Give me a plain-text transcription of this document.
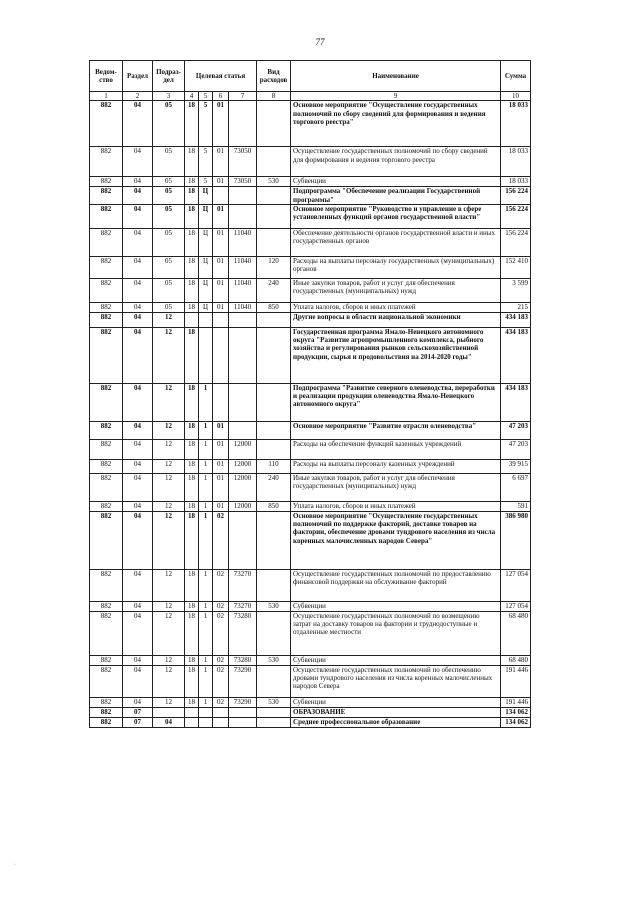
77
Ведом-ство	Раздел	Подраз-дел	Целевая статья				Вид расходов	Наименование	Сумма
1	2	3	4	5	6	7	8	9	10
882	04	05	18	5	01			Основное мероприятие "Осуществление государственных полномочий по сбору сведений для формирования и ведения торгового реестра"	18 033
882	04	05	18	5	01	73050		Осуществление государственных полномочий по сбору сведений для формирования и ведения торгового реестра	18 033
882	04	05	18	5	01	73050	530	Субвенции	18 033
882	04	05	18	Ц				Подпрограмма "Обеспечение реализации Государственной программы"	156 224
882	04	05	18	Ц	01			Основное мероприятие "Руководство и управление в сфере установленных функций органов государственной власти"	156 224
882	04	05	18	Ц	01	11040		Обеспечение деятельности органов государственной власти и иных государственных органов	156 224
882	04	05	18	Ц	01	11040	120	Расходы на выплаты персоналу государственных (муниципальных) органов	152 410
882	04	05	18	Ц	01	11040	240	Иные закупки товаров, работ и услуг для обеспечения государственных (муниципальных) нужд	3 599
882	04	05	18	Ц	01	11040	850	Уплата налогов, сборов и иных платежей	215
882	04	12						Другие вопросы в области национальной экономики	434 183
882	04	12	18					Государственная программа Ямало-Ненецкого автономного округа "Развитие агропромышленного комплекса, рыбного хозяйства и регулирования рынков сельскохозяйственной продукции, сырья и продовольствия на 2014-2020 годы"	434 183
882	04	12	18	1				Подпрограмма "Развитие северного оленеводства, переработки и реализации продукции оленеводства Ямало-Ненецкого автономного округа"	434 183
882	04	12	18	1	01			Основное мероприятие "Развитие отрасли оленеводства"	47 203
882	04	12	18	1	01	12000		Расходы на обеспечение функций казенных учреждений	47 203
882	04	12	18	1	01	12000	110	Расходы на выплаты персоналу казенных учреждений	39 915
882	04	12	18	1	01	12000	240	Иные закупки товаров, работ и услуг для обеспечения государственных (муниципальных) нужд	6 697
882	04	12	18	1	01	12000	850	Уплата налогов, сборов и иных платежей	591
882	04	12	18	1	02			Основное мероприятие "Осуществление государственных полномочий по поддержке факторий, доставке товаров на фактории, обеспечение дровами тундрового населения из числа коренных малочисленных народов Севера"	386 980
882	04	12	18	1	02	73270		Осуществление государственных полномочий по предоставлению финансовой поддержки на обслуживание факторий	127 054
882	04	12	18	1	02	73270	530	Субвенции	127 054
882	04	12	18	1	02	73280		Осуществление государственных полномочий по возмещению затрат на доставку товаров на фактории и труднодоступные и отдаленные местности	68 480
882	04	12	18	1	02	73280	530	Субвенции	68 480
882	04	12	18	1	02	73290		Осуществление государственных полномочий по обеспечению дровами тундрового населения из числа коренных малочисленных народов Севера	191 446
882	04	12	18	1	02	73290	530	Субвенции	191 446
882	07							ОБРАЗОВАНИЕ	134 062
882	07	04						Среднее профессиональное образование	134 062
·
